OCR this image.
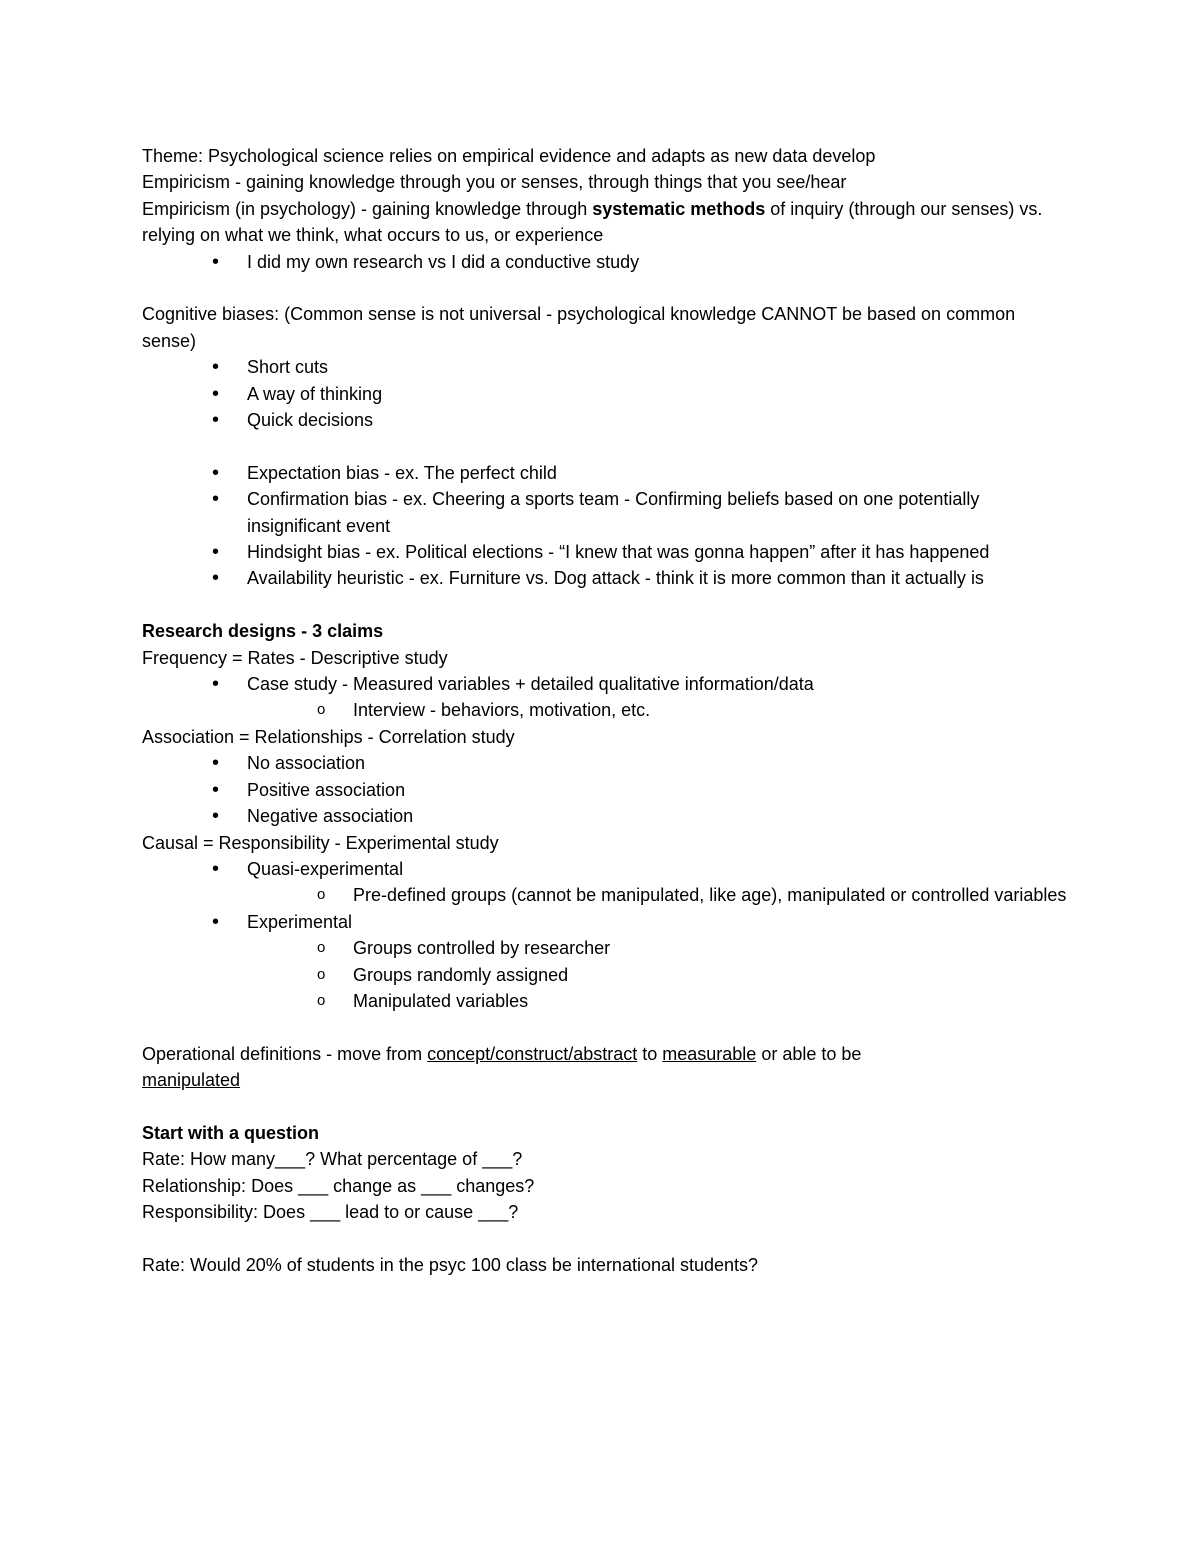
Theme: Psychological science relies on empirical evidence and adapts as new data develop

Empiricism - gaining knowledge through you or senses, through things that you see/hear

Empiricism (in psychology) - gaining knowledge through systematic methods of inquiry (through our senses) vs. relying on what we think, what occurs to us, or experience

• I did my own research vs I did a conductive study

Cognitive biases: (Common sense is not universal - psychological knowledge CANNOT be based on common sense)

• Short cuts
• A way of thinking
• Quick decisions
• Expectation bias - ex. The perfect child
• Confirmation bias - ex. Cheering a sports team - Confirming beliefs based on one potentially insignificant event
• Hindsight bias - ex. Political elections - “I knew that was gonna happen” after it has happened
• Availability heuristic - ex. Furniture vs. Dog attack - think it is more common than it actually is

Research designs - 3 claims

Frequency = Rates - Descriptive study

• Case study - Measured variables + detailed qualitative information/data
o Interview - behaviors, motivation, etc.

Association = Relationships - Correlation study

• No association
• Positive association
• Negative association

Causal = Responsibility - Experimental study

• Quasi-experimental
o Pre-defined groups (cannot be manipulated, like age), manipulated or controlled variables
• Experimental
o Groups controlled by researcher
o Groups randomly assigned
o Manipulated variables

Operational definitions - move from concept/construct/abstract to measurable or able to be manipulated

Start with a question

Rate: How many___? What percentage of ___?

Relationship: Does ___ change as ___ changes?

Responsibility: Does ___ lead to or cause ___?

Rate: Would 20% of students in the psyc 100 class be international students?
